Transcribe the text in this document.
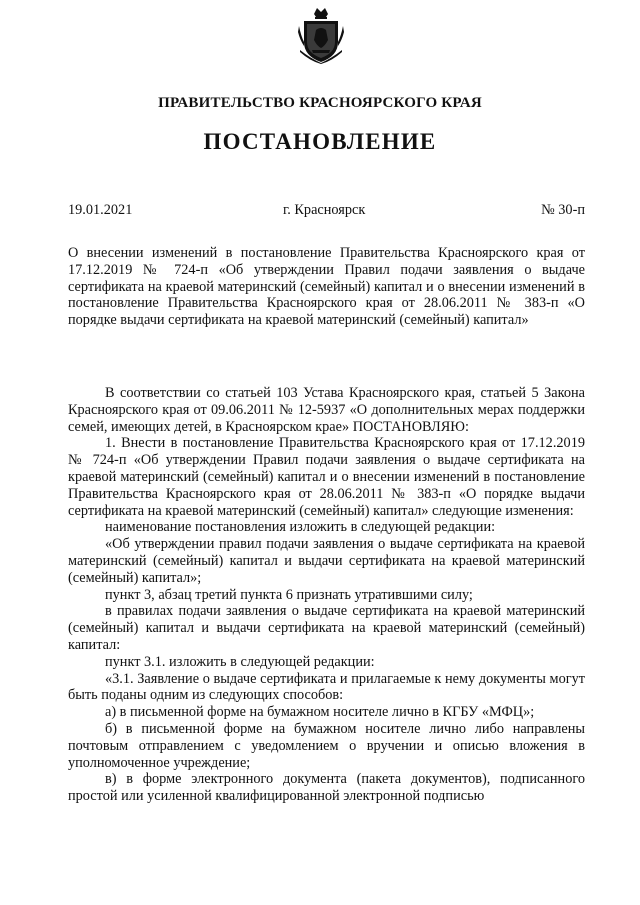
ПРАВИТЕЛЬСТВО КРАСНОЯРСКОГО КРАЯ
ПОСТАНОВЛЕНИЕ
19.01.2021	г. Красноярск	№ 30-п
О внесении изменений в постановление Правительства Красноярского края от 17.12.2019 № 724-п «Об утверждении Правил подачи заявления о выдаче сертификата на краевой материнский (семейный) капитал и о внесении изменений в постановление Правительства Красноярского края от 28.06.2011 № 383-п «О порядке выдачи сертификата на краевой материнский (семейный) капитал»

В соответствии со статьей 103 Устава Красноярского края, статьей 5 Закона Красноярского края от 09.06.2011 № 12-5937 «О дополнительных мерах поддержки семей, имеющих детей, в Красноярском крае» ПОСТАНОВЛЯЮ:

1. Внести в постановление Правительства Красноярского края от 17.12.2019 № 724-п «Об утверждении Правил подачи заявления о выдаче сертификата на краевой материнский (семейный) капитал и о внесении изменений в постановление Правительства Красноярского края от 28.06.2011 № 383-п «О порядке выдачи сертификата на краевой материнский (семейный) капитал» следующие изменения:

наименование постановления изложить в следующей редакции:

«Об утверждении правил подачи заявления о выдаче сертификата на краевой материнский (семейный) капитал и выдачи сертификата на краевой материнский (семейный) капитал»;

пункт 3, абзац третий пункта 6 признать утратившими силу;

в правилах подачи заявления о выдаче сертификата на краевой материнский (семейный) капитал и выдачи сертификата на краевой материнский (семейный) капитал:

пункт 3.1. изложить в следующей редакции:

«3.1. Заявление о выдаче сертификата и прилагаемые к нему документы могут быть поданы одним из следующих способов:

а) в письменной форме на бумажном носителе лично в КГБУ «МФЦ»;

б) в письменной форме на бумажном носителе лично либо направлены почтовым отправлением с уведомлением о вручении и описью вложения в уполномоченное учреждение;

в) в форме электронного документа (пакета документов), подписанного простой или усиленной квалифицированной электронной подписью
